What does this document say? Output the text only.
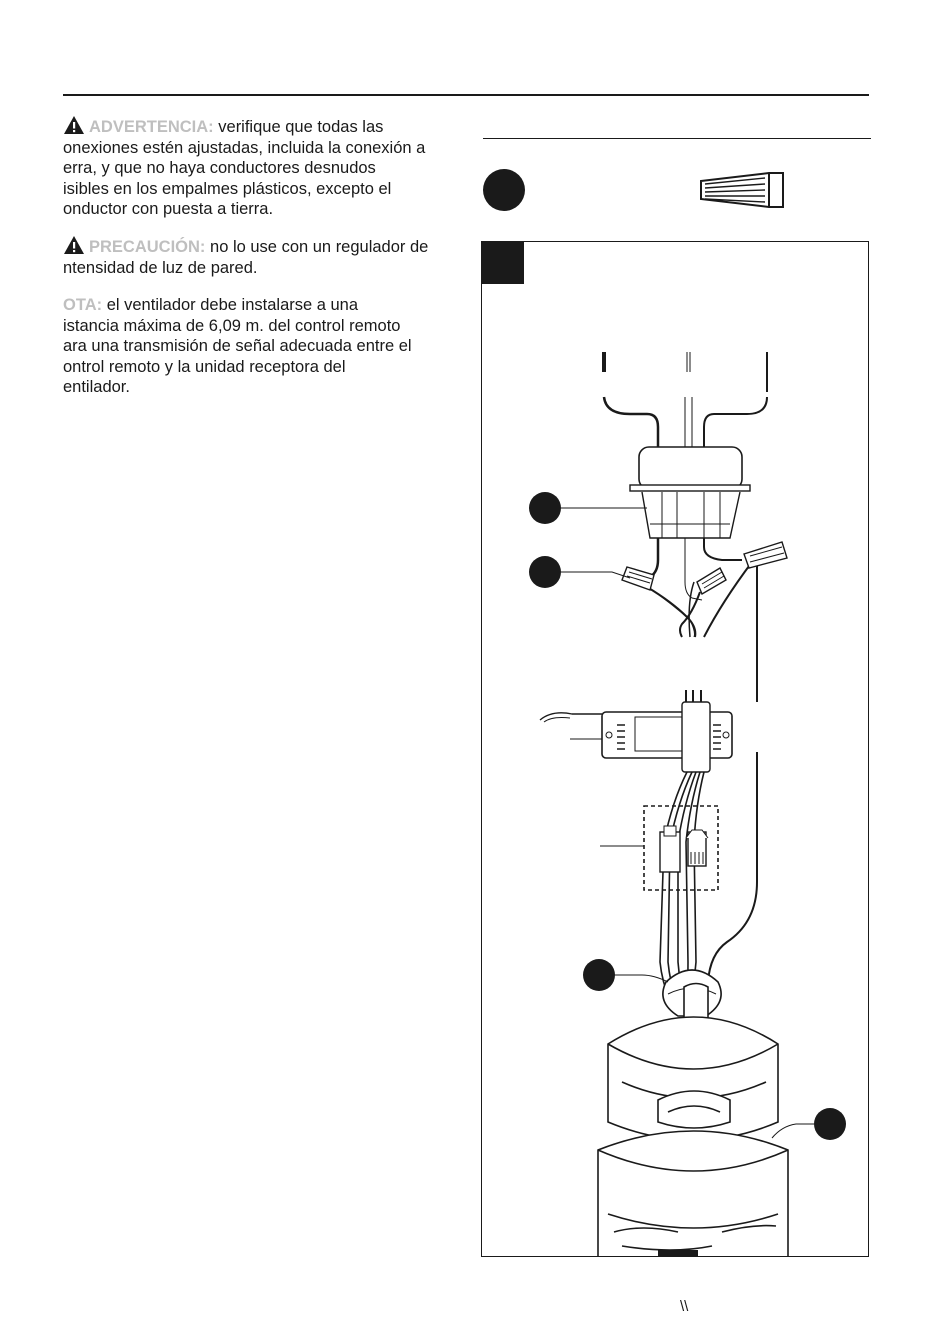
ADVERTENCIA: verifique que todas las
onexiones estén ajustadas, incluida la conexión a
erra, y que no haya conductores desnudos
isibles en los empalmes plásticos, excepto el
onductor con puesta a tierra.
PRECAUCIÓN: no lo use con un regulador de
ntensidad de luz de pared.
OTA: el ventilador debe instalarse a una
istancia máxima de 6,09 m. del control remoto
ara una transmisión de señal adecuada entre el
ontrol remoto y la unidad receptora del
entilador.
\\
